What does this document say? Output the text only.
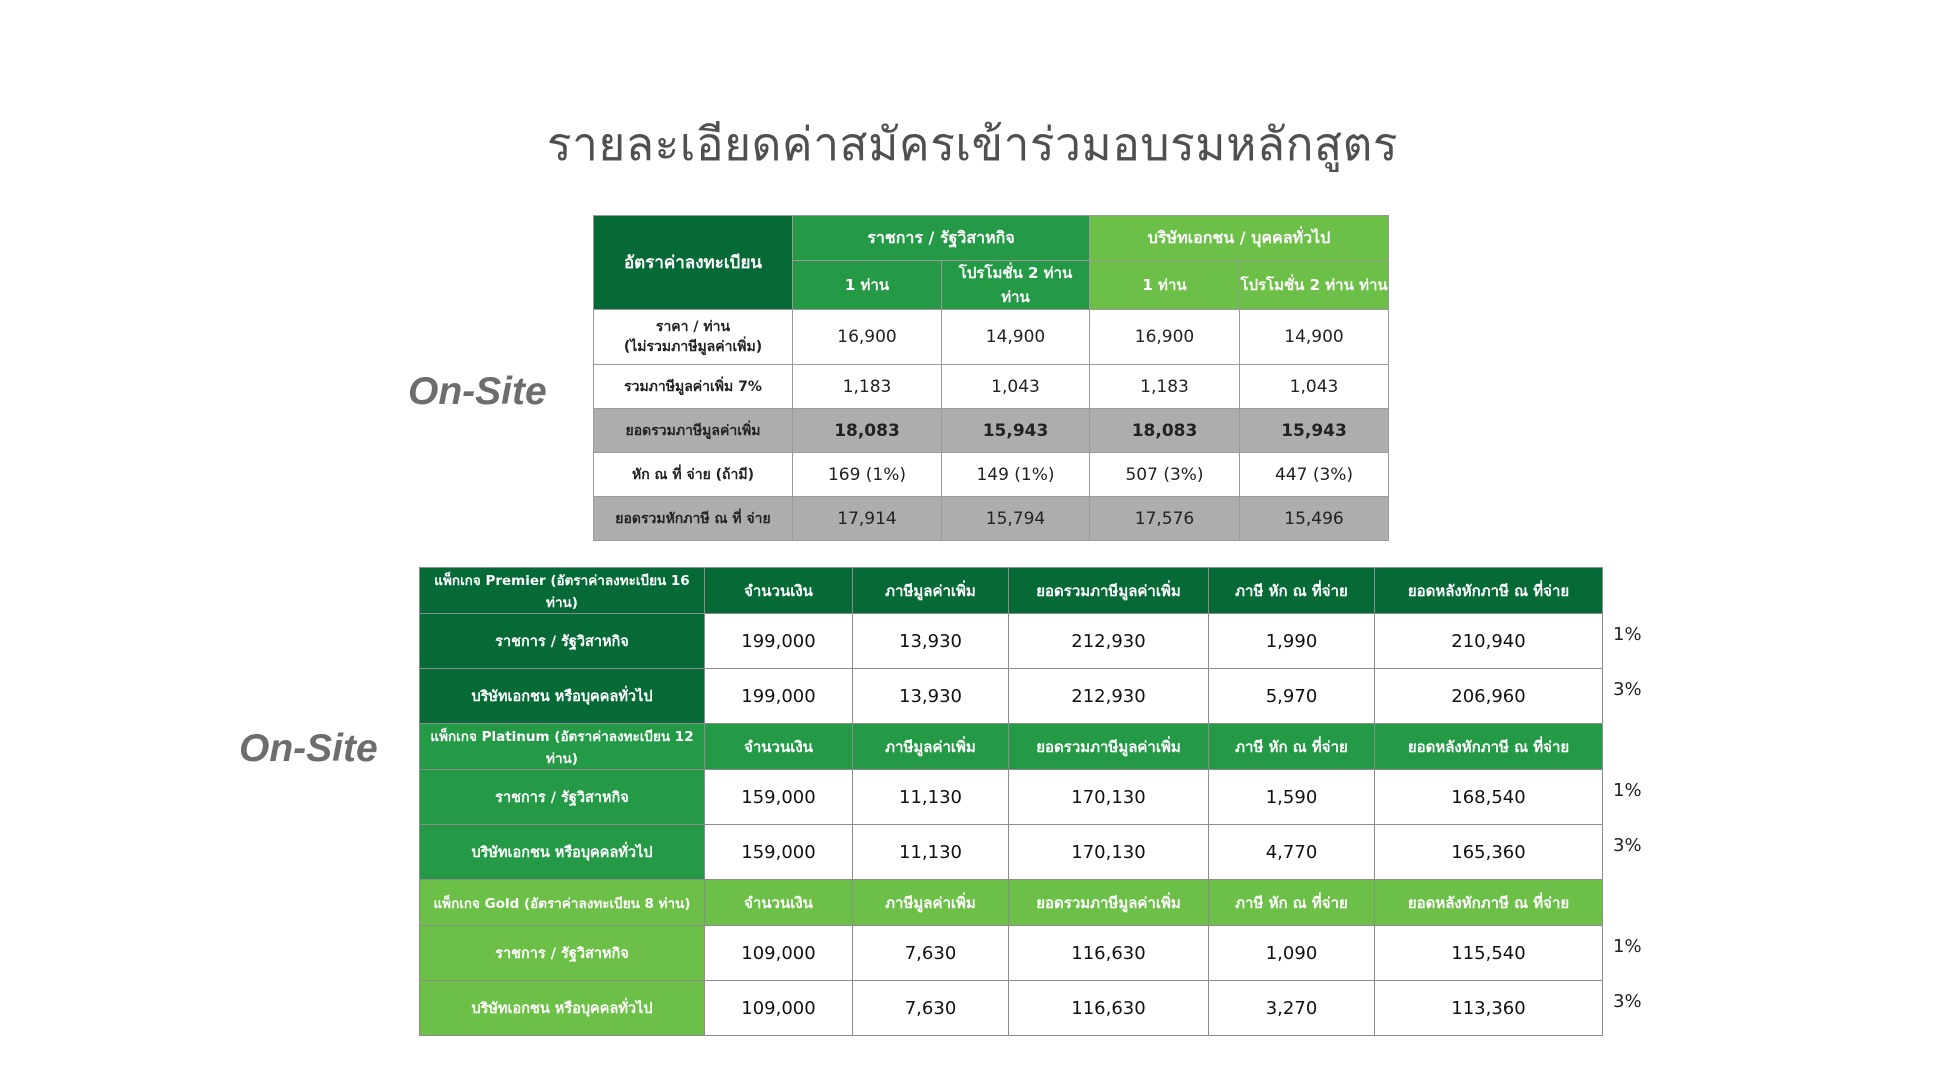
รายละเอียดค่าสมัครเข้าร่วมอบรมหลักสูตร
On-Site
On-Site
อัตราค่าลงทะเบียน	ราชการ / รัฐวิสาหกิจ		บริษัทเอกชน / บุคคลทั่วไป	
	1 ท่าน	โปรโมชั่น 2 ท่าน ท่าน	1 ท่าน	โปรโมชั่น 2 ท่าน ท่าน
ราคา / ท่าน
(ไม่รวมภาษีมูลค่าเพิ่ม)	16,900	14,900	16,900	14,900
รวมภาษีมูลค่าเพิ่ม 7%	1,183	1,043	1,183	1,043
ยอดรวมภาษีมูลค่าเพิ่ม	18,083	15,943	18,083	15,943
หัก ณ ที่ จ่าย (ถ้ามี)	169 (1%)	149 (1%)	507 (3%)	447 (3%)
ยอดรวมหักภาษี ณ ที่ จ่าย	17,914	15,794	17,576	15,496
แพ็กเกจ Premier (อัตราค่าลงทะเบียน 16 ท่าน)	จำนวนเงิน	ภาษีมูลค่าเพิ่ม	ยอดรวมภาษีมูลค่าเพิ่ม	ภาษี หัก ณ ที่จ่าย	ยอดหลังหักภาษี ณ ที่จ่าย	
ราชการ / รัฐวิสาหกิจ	199,000	13,930	212,930	1,990	210,940	1%
บริษัทเอกชน หรือบุคคลทั่วไป	199,000	13,930	212,930	5,970	206,960	3%
แพ็กเกจ Platinum (อัตราค่าลงทะเบียน 12 ท่าน)	จำนวนเงิน	ภาษีมูลค่าเพิ่ม	ยอดรวมภาษีมูลค่าเพิ่ม	ภาษี หัก ณ ที่จ่าย	ยอดหลังหักภาษี ณ ที่จ่าย	
ราชการ / รัฐวิสาหกิจ	159,000	11,130	170,130	1,590	168,540	1%
บริษัทเอกชน หรือบุคคลทั่วไป	159,000	11,130	170,130	4,770	165,360	3%
แพ็กเกจ Gold (อัตราค่าลงทะเบียน 8 ท่าน)	จำนวนเงิน	ภาษีมูลค่าเพิ่ม	ยอดรวมภาษีมูลค่าเพิ่ม	ภาษี หัก ณ ที่จ่าย	ยอดหลังหักภาษี ณ ที่จ่าย	
ราชการ / รัฐวิสาหกิจ	109,000	7,630	116,630	1,090	115,540	1%
บริษัทเอกชน หรือบุคคลทั่วไป	109,000	7,630	116,630	3,270	113,360	3%
